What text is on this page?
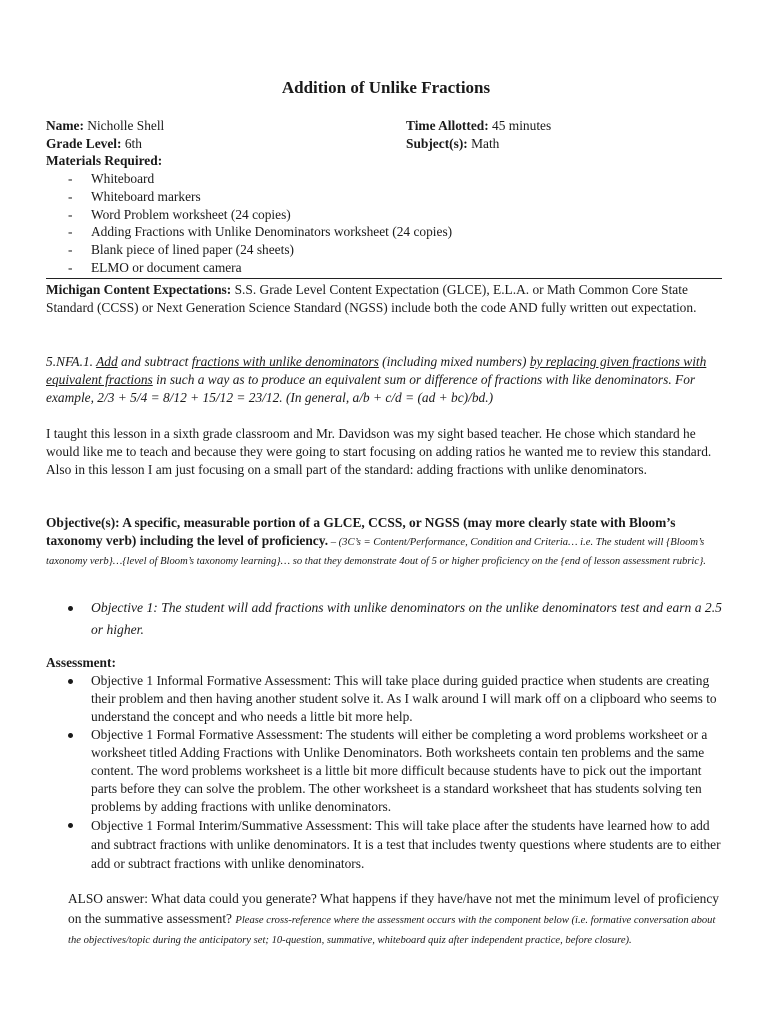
Addition of Unlike Fractions
Name: Nicholle Shell	Time Allotted: 45 minutes
Grade Level: 6th	Subject(s): Math
Materials Required:
- Whiteboard
- Whiteboard markers
- Word Problem worksheet (24 copies)
- Adding Fractions with Unlike Denominators worksheet (24 copies)
- Blank piece of lined paper (24 sheets)
- ELMO or document camera
Michigan Content Expectations: S.S. Grade Level Content Expectation (GLCE), E.L.A. or Math Common Core State Standard (CCSS) or Next Generation Science Standard (NGSS) include both the code AND fully written out expectation.
5.NFA.1. Add and subtract fractions with unlike denominators (including mixed numbers) by replacing given fractions with equivalent fractions in such a way as to produce an equivalent sum or difference of fractions with like denominators. For example, 2/3 + 5/4 = 8/12 + 15/12 = 23/12. (In general, a/b + c/d = (ad + bc)/bd.)
I taught this lesson in a sixth grade classroom and Mr. Davidson was my sight based teacher. He chose which standard he would like me to teach and because they were going to start focusing on adding ratios he wanted me to review this standard. Also in this lesson I am just focusing on a small part of the standard: adding fractions with unlike denominators.
Objective(s): A specific, measurable portion of a GLCE, CCSS, or NGSS (may more clearly state with Bloom’s taxonomy verb) including the level of proficiency. – (3C’s = Content/Performance, Condition and Criteria… i.e. The student will {Bloom’s taxonomy verb}…{level of Bloom’s taxonomy learning}… so that they demonstrate 4out of 5 or higher proficiency on the {end of lesson assessment rubric}.
Objective 1: The student will add fractions with unlike denominators on the unlike denominators test and earn a 2.5 or higher.
Assessment:
Objective 1 Informal Formative Assessment: This will take place during guided practice when students are creating their problem and then having another student solve it. As I walk around I will mark off on a clipboard who seems to understand the concept and who needs a little bit more help.
Objective 1 Formal Formative Assessment: The students will either be completing a word problems worksheet or a worksheet titled Adding Fractions with Unlike Denominators. Both worksheets contain ten problems and the same content. The word problems worksheet is a little bit more difficult because students have to pick out the important parts before they can solve the problem. The other worksheet is a standard worksheet that has students solving ten problems by adding fractions with unlike denominators.
Objective 1 Formal Interim/Summative Assessment: This will take place after the students have learned how to add and subtract fractions with unlike denominators. It is a test that includes twenty questions where students are to either add or subtract fractions with unlike denominators.
ALSO answer: What data could you generate? What happens if they have/have not met the minimum level of proficiency on the summative assessment? Please cross-reference where the assessment occurs with the component below (i.e. formative conversation about the objectives/topic during the anticipatory set; 10-question, summative, whiteboard quiz after independent practice, before closure).
